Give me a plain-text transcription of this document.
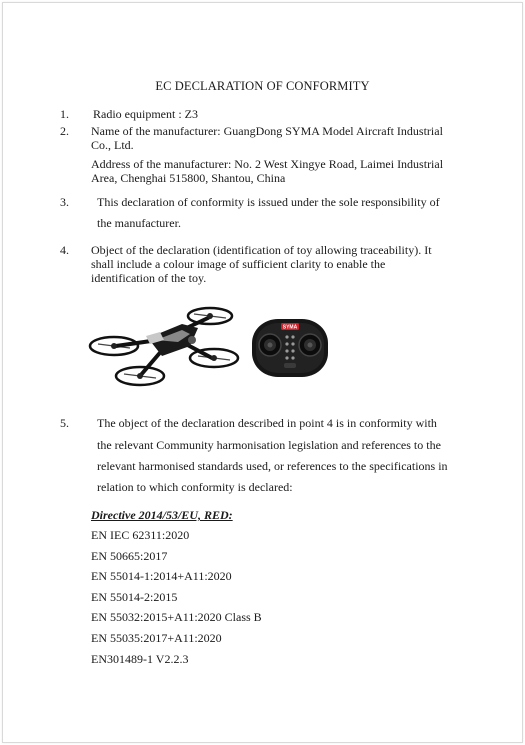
EC DECLARATION OF CONFORMITY
1. Radio equipment : Z3
2. Name of the manufacturer: GuangDong SYMA Model Aircraft Industrial
Co., Ltd.
Address of the manufacturer: No. 2 West Xingye Road, Laimei Industrial
Area, Chenghai 515800, Shantou, China
3. This declaration of conformity is issued under the sole responsibility of
the manufacturer.
4. Object of the declaration (identification of toy allowing traceability). It
shall include a colour image of sufficient clarity to enable the
identification of the toy.
SYMA
5. The object of the declaration described in point 4 is in conformity with
the relevant Community harmonisation legislation and references to the
relevant harmonised standards used, or references to the specifications in
relation to which conformity is declared:
Directive 2014/53/EU, RED:
EN IEC 62311:2020
EN 50665:2017
EN 55014-1:2014+A11:2020
EN 55014-2:2015
EN 55032:2015+A11:2020 Class B
EN 55035:2017+A11:2020
EN301489-1 V2.2.3
